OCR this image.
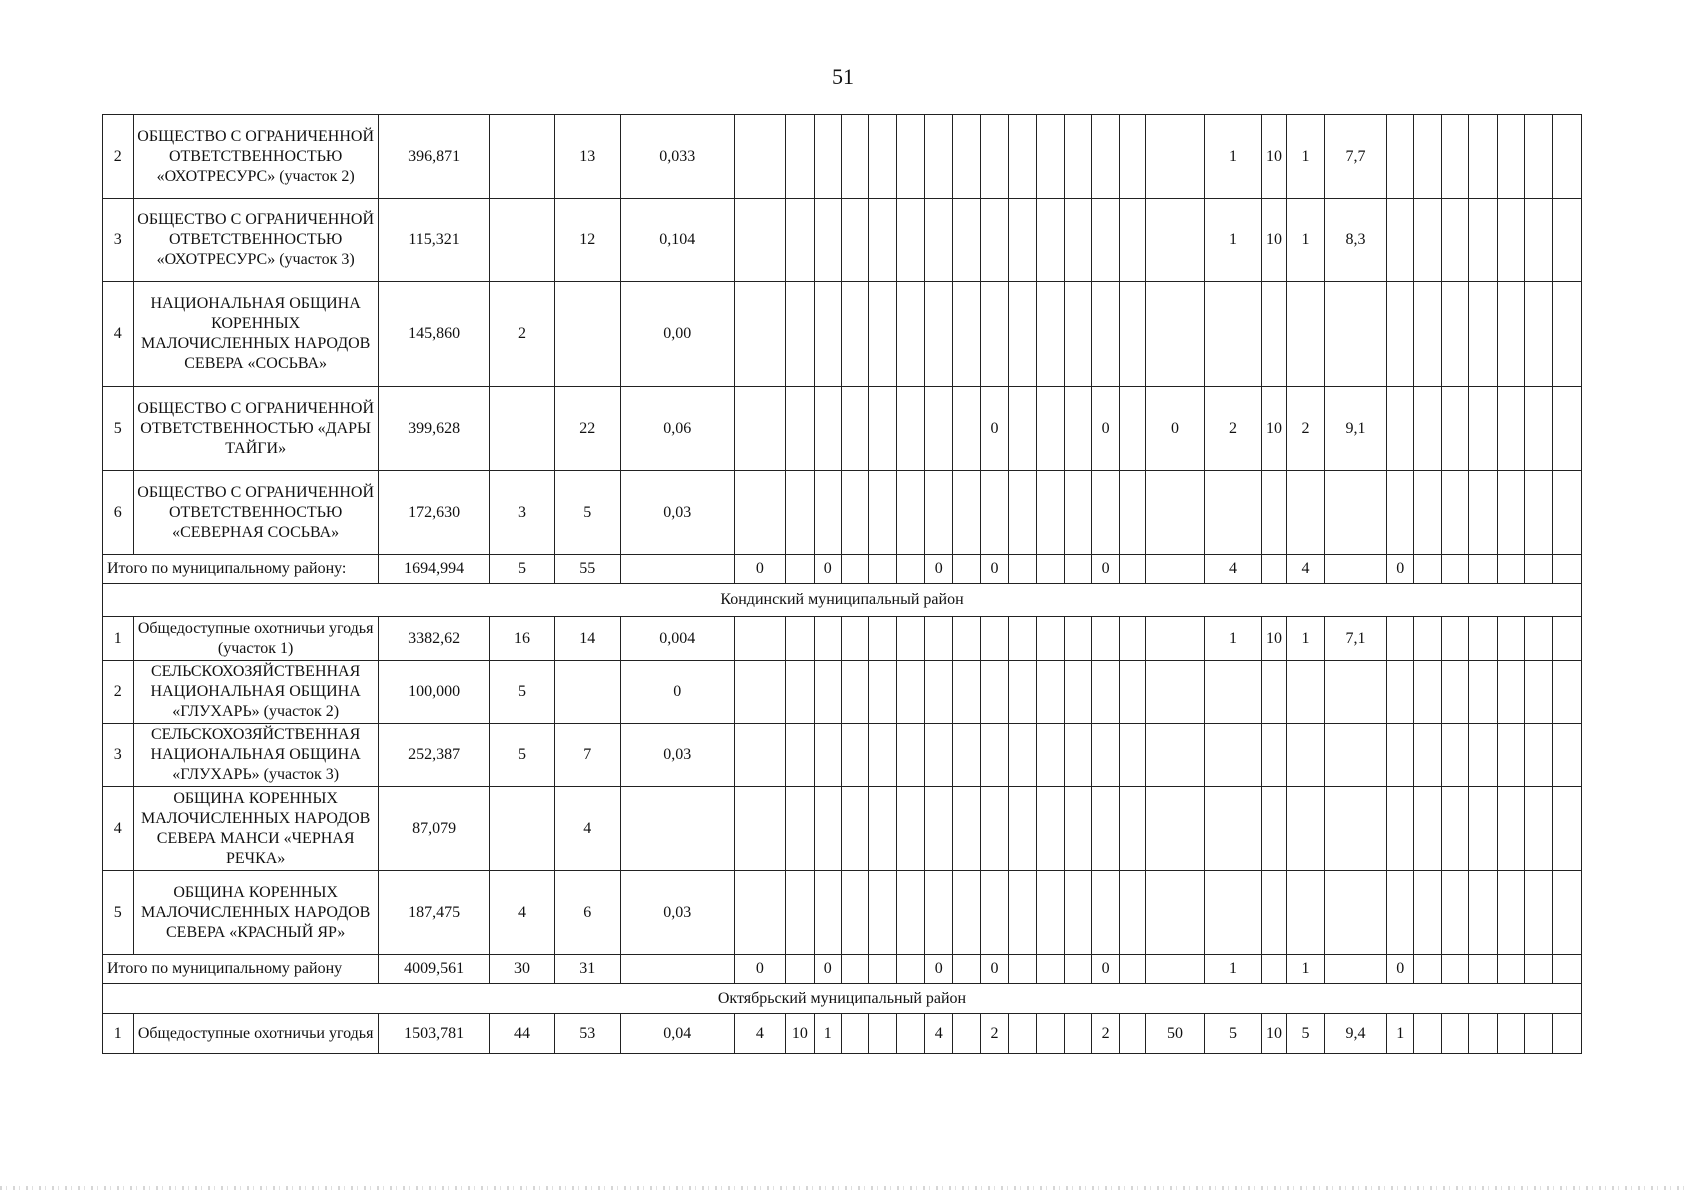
51
2	ОБЩЕСТВО С ОГРАНИЧЕННОЙ ОТВЕТСТВЕННОСТЬЮ «ОХОТРЕСУРС» (участок 2)	396,871		13	0,033																1	10	1	7,7							
3	ОБЩЕСТВО С ОГРАНИЧЕННОЙ ОТВЕТСТВЕННОСТЬЮ «ОХОТРЕСУРС» (участок 3)	115,321		12	0,104																1	10	1	8,3							
4	НАЦИОНАЛЬНАЯ ОБЩИНА КОРЕННЫХ МАЛОЧИСЛЕННЫХ НАРОДОВ СЕВЕРА «СОСЬВА»	145,860	2		0,00																										
5	ОБЩЕСТВО С ОГРАНИЧЕННОЙ ОТВЕТСТВЕННОСТЬЮ «ДАРЫ ТАЙГИ»	399,628		22	0,06									0				0		0	2	10	2	9,1							
6	ОБЩЕСТВО С ОГРАНИЧЕННОЙ ОТВЕТСТВЕННОСТЬЮ «СЕВЕРНАЯ СОСЬВА»	172,630	3	5	0,03																										
Итого по муниципальному району:		1694,994	5	55		0		0				0		0				0			4		4		0						
Кондинский муниципальный район																															
1	Общедоступные охотничьи угодья (участок 1)	3382,62	16	14	0,004																1	10	1	7,1							
2	СЕЛЬСКОХОЗЯЙСТВЕННАЯ НАЦИОНАЛЬНАЯ ОБЩИНА «ГЛУХАРЬ» (участок 2)	100,000	5		0																										
3	СЕЛЬСКОХОЗЯЙСТВЕННАЯ НАЦИОНАЛЬНАЯ ОБЩИНА «ГЛУХАРЬ» (участок 3)	252,387	5	7	0,03																										
4	ОБЩИНА КОРЕННЫХ МАЛОЧИСЛЕННЫХ НАРОДОВ СЕВЕРА МАНСИ «ЧЕРНАЯ РЕЧКА»	87,079		4																											
5	ОБЩИНА КОРЕННЫХ МАЛОЧИСЛЕННЫХ НАРОДОВ СЕВЕРА «КРАСНЫЙ ЯР»	187,475	4	6	0,03																										
Итого по муниципальному району		4009,561	30	31		0		0				0		0				0			1		1		0						
Октябрьский муниципальный район																															
1	Общедоступные охотничьи угодья	1503,781	44	53	0,04	4	10	1				4		2				2		50	5	10	5	9,4	1						
